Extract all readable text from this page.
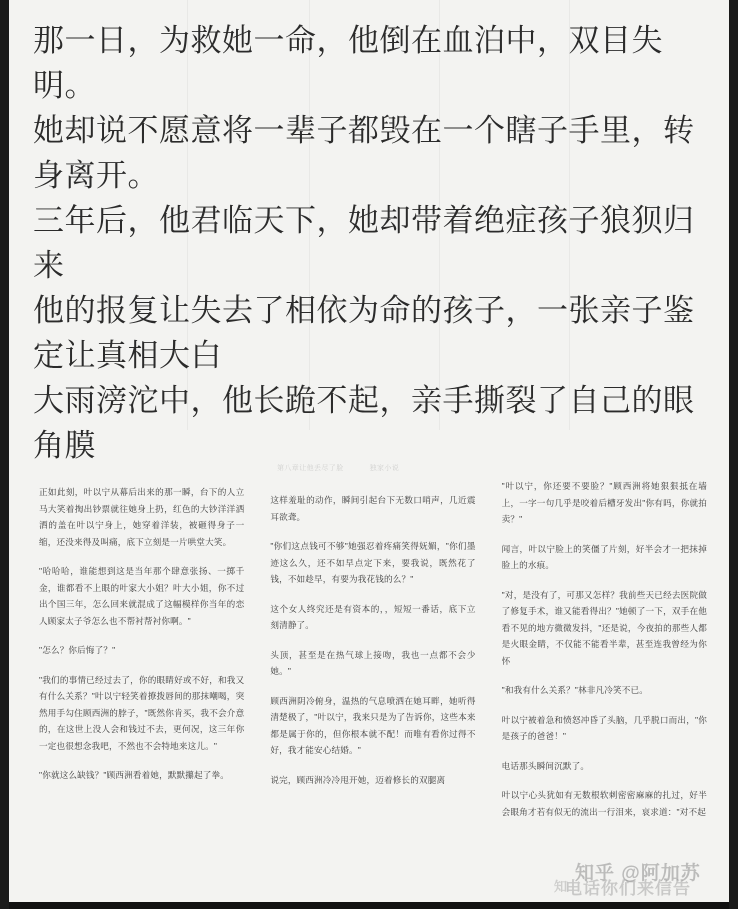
那一日，为救她一命，他倒在血泊中，双目失明。

她却说不愿意将一辈子都毁在一个瞎子手里，转身离开。

三年后，他君临天下，她却带着绝症孩子狼狈归来

他的报复让失去了相依为命的孩子，一张亲子鉴定让真相大白

大雨滂沱中，他长跪不起，亲手撕裂了自己的眼角膜

第八章让他丢尽了脸	独家小说

正如此刻，叶以宁从幕后出来的那一瞬，台下的人立马大笑着掏出钞票就往她身上扔，红色的大钞洋洋洒洒的盖在叶以宁身上，她穿着洋装，被砸得身子一缩，还没来得及叫痛，底下立刻是一片哄堂大笑。

"哈哈哈，谁能想到这是当年那个肆意张扬、一掷千金，谁都看不上眼的叶家大小姐？叶大小姐，你不过出个国三年，怎么回来就混成了这幅模样你当年的恋人顾家太子爷怎么也不帮衬帮衬你啊。"

"怎么？你后悔了？"

"我们的事情已经过去了，你的眼睛好或不好，和我又有什么关系？"叶以宁轻笑着撩拨唇间的那抹嘲喝，突然用手勾住顾西洲的脖子，"既然你肯买，我不会介意的，在这世上没人会和钱过不去，更何况，这三年你一定也很想念我吧，不然也不会特地来这儿。"

"你就这么缺钱？"顾西洲看着她，默默攥起了拳。

这样羞耻的动作，瞬间引起台下无数口哨声，几近震耳欲聋。

"你们这点钱可不够"她强忍着疼痛笑得妩媚，"你们墨迹这么久，还不如早点定下来，要我说，既然花了钱，不如趁早，有要为我花钱的么？"

这个女人终究还是有资本的，，短短一番话，底下立刻清静了。

头顶，甚至是在热气球上接吻，我也一点都不会少她。"

顾西洲阴冷俯身，温热的气息喷洒在她耳畔，她听得清楚极了，"叶以宁，我来只是为了告诉你，这些本来都是属于你的，但你根本就不配！而唯有看你过得不好，我才能安心结婚。"

说完，顾西洲冷冷甩开她，迈着修长的双腿离

"叶以宁，你还要不要脸？"顾西洲将她狠狠抵在墙上，一字一句几乎是咬着后槽牙发出"你有吗，你就拍卖？"

闻言，叶以宁脸上的笑僵了片刻，好半会才一把抹掉脸上的水痕。

"对，是没有了，可那又怎样？我前些天已经去医院做了修复手术，谁又能看得出？"她顿了一下，双手在他看不见的地方微微发抖，"还是说，今夜拍的那些人都是火眼金睛，不仅能不能看半辈，甚至连我曾经为你怀

"和我有什么关系？"林非凡冷笑不已。

叶以宁被着急和愤怒冲昏了头脑，几乎脱口而出，"你是孩子的爸爸！"

电话那头瞬间沉默了。

叶以宁心头犹如有无数根软刺密密麻麻的扎过，好半会眼角才若有似无的流出一行泪来，哀求道："对不起

知
知乎 @阿加苏
电话你们来信告
